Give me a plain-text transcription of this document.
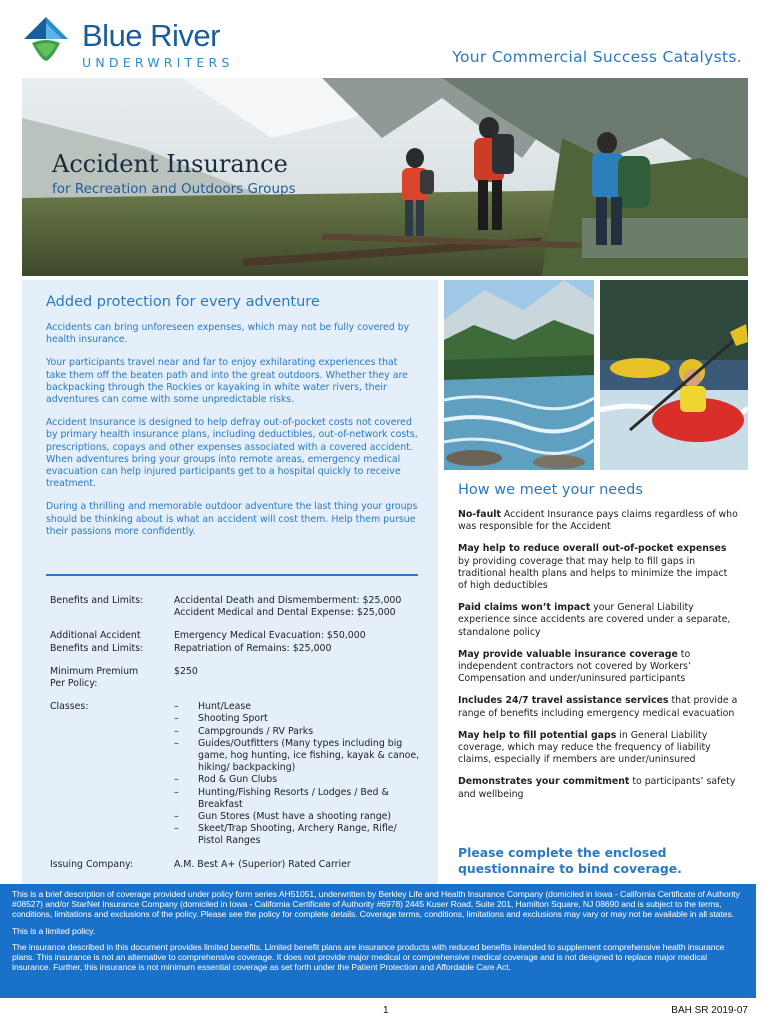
Blue River
UNDERWRITERS	Your Commercial Success Catalysts.
Accident Insurance
for Recreation and Outdoors Groups
Added protection for every adventure

Accidents can bring unforeseen expenses, which may not be fully covered by health insurance.

Your participants travel near and far to enjoy exhilarating experiences that take them off the beaten path and into the great outdoors. Whether they are backpacking through the Rockies or kayaking in white water rivers, their adventures can come with some unpredictable risks.

Accident Insurance is designed to help defray out-of-pocket costs not covered by primary health insurance plans, including deductibles, out-of-network costs, prescriptions, copays and other expenses associated with a covered accident. When adventures bring your groups into remote areas, emergency medical evacuation can help injured participants get to a hospital quickly to receive treatment.

During a thrilling and memorable outdoor adventure the last thing your groups should be thinking about is what an accident will cost them. Help them pursue their passions more confidently.

Benefits and Limits:	Accidental Death and Dismemberment: $25,000
Accident Medical and Dental Expense: $25,000
Additional Accident Benefits and Limits:
Emergency Medical Evacuation: $50,000
Repatriation of Remains: $25,000
Minimum Premium Per Policy:
$250
Classes:	–	Hunt/Lease
–	Shooting Sport
–	Campgrounds / RV Parks
–	Guides/Outfitters (Many types including big game, hog hunting, ice fishing, kayak & canoe, hiking/ backpacking)
–	Rod & Gun Clubs
–	Hunting/Fishing Resorts / Lodges / Bed & Breakfast
–	Gun Stores (Must have a shooting range)
–	Skeet/Trap Shooting, Archery Range, Rifle/ Pistol Ranges
Issuing Company:	A.M. Best A+ (Superior) Rated Carrier
How we meet your needs
No-fault Accident Insurance pays claims regardless of who was responsible for the Accident
May help to reduce overall out-of-pocket expenses by providing coverage that may help to fill gaps in traditional health plans and helps to minimize the impact of high deductibles
Paid claims won’t impact your General Liability experience since accidents are covered under a separate, standalone policy
May provide valuable insurance coverage to independent contractors not covered by Workers’ Compensation and under/uninsured participants
Includes 24/7 travel assistance services that provide a range of benefits including emergency medical evacuation
May help to fill potential gaps in General Liability coverage, which may reduce the frequency of liability claims, especially if members are under/uninsured
Demonstrates your commitment to participants’ safety and wellbeing
Please complete the enclosed questionnaire to bind coverage.

This is a brief description of coverage provided under policy form series AH51051, underwritten by Berkley Life and Health Insurance Company (domiciled in Iowa - California Certificate of Authority #08527) and/or StarNet Insurance Company (domiciled in Iowa - California Certificate of Authority #6978) 2445 Kuser Road, Suite 201, Hamilton Square, NJ 08690 and is subject to the terms, conditions, limitations and exclusions of the policy. Please see the policy for complete details. Coverage terms, conditions, limitations and exclusions may vary or may not be available in all states.

This is a limited policy.

The insurance described in this document provides limited benefits. Limited benefit plans are insurance products with reduced benefits intended to supplement comprehensive health insurance plans. This insurance is not an alternative to comprehensive coverage. It does not provide major medical or comprehensive medical coverage and is not designed to replace major medical insurance. Further, this insurance is not minimum essential coverage as set forth under the Patient Protection and Affordable Care Act.

1	BAH SR 2019-07
